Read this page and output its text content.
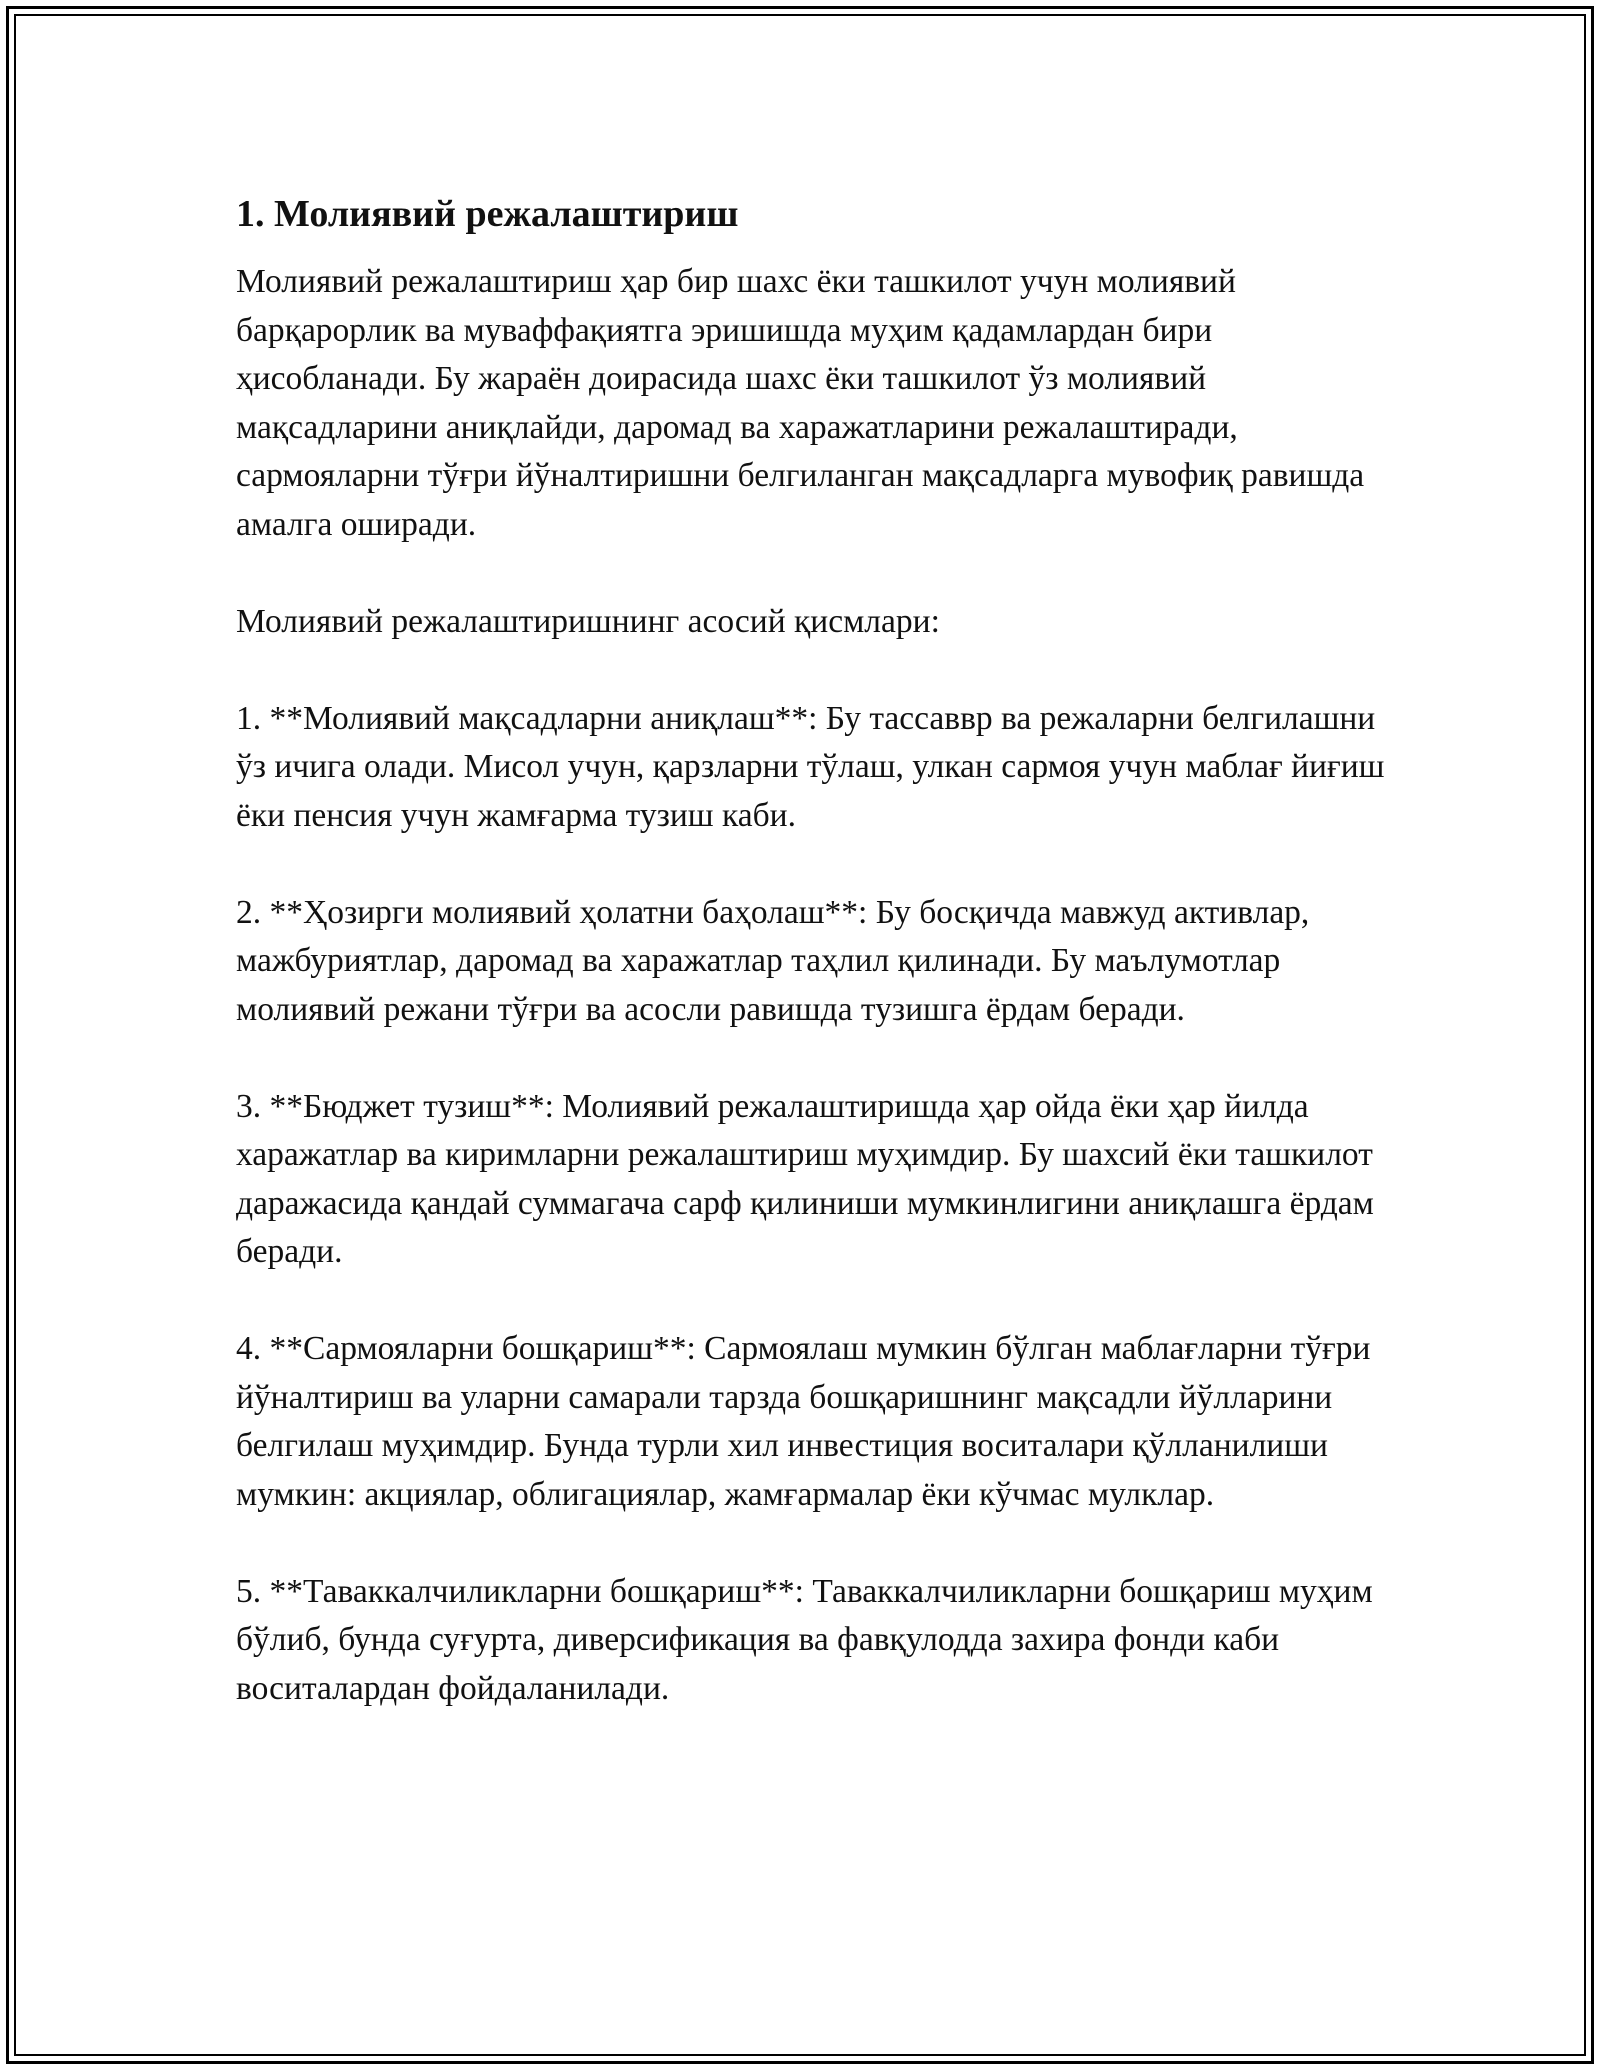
1. Молиявий режалаштириш

Молиявий режалаштириш ҳар бир шахс ёки ташкилот учун молиявий барқарорлик ва муваффақиятга эришишда муҳим қадамлардан бири ҳисобланади. Бу жараён доирасида шахс ёки ташкилот ўз молиявий мақсадларини аниқлайди, даромад ва харажатларини режалаштиради, сармояларни тўғри йўналтиришни белгиланган мақсадларга мувофиқ равишда амалга оширади.

Молиявий режалаштиришнинг асосий қисмлари:

1. **Молиявий мақсадларни аниқлаш**: Бу тассаввр ва режаларни белгилашни ўз ичига олади. Мисол учун, қарзларни тўлаш, улкан сармоя учун маблағ йиғиш ёки пенсия учун жамғарма тузиш каби.

2. **Ҳозирги молиявий ҳолатни баҳолаш**: Бу босқичда мавжуд активлар, мажбуриятлар, даромад ва харажатлар таҳлил қилинади. Бу маълумотлар молиявий режани тўғри ва асосли равишда тузишга ёрдам беради.

3. **Бюджет тузиш**: Молиявий режалаштиришда ҳар ойда ёки ҳар йилда харажатлар ва киримларни режалаштириш муҳимдир. Бу шахсий ёки ташкилот даражасида қандай суммагача сарф қилиниши мумкинлигини аниқлашга ёрдам беради.

4. **Сармояларни бошқариш**: Сармоялаш мумкин бўлган маблағларни тўғри йўналтириш ва уларни самарали тарзда бошқаришнинг мақсадли йўлларини белгилаш муҳимдир. Бунда турли хил инвестиция воситалари қўлланилиши мумкин: акциялар, облигациялар, жамғармалар ёки кўчмас мулклар.

5. **Таваккалчиликларни бошқариш**: Таваккалчиликларни бошқариш муҳим бўлиб, бунда суғурта, диверсификация ва фавқулодда захира фонди каби воситалардан фойдаланилади.
